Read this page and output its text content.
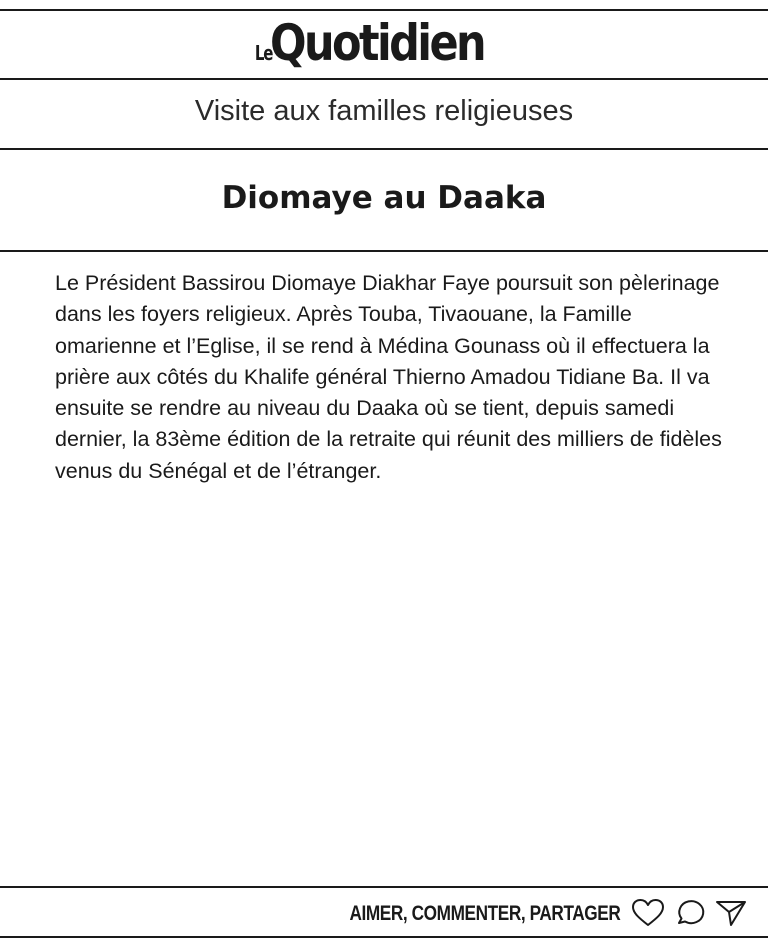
LeQuotidien
Visite aux familles religieuses
Diomaye au Daaka
Le Président Bassirou Diomaye Diakhar Faye poursuit son pèlerinage dans les foyers religieux. Après Touba, Tivaouane, la Famille omarienne et l’Eglise, il se rend à Médina Gounass où il effectuera la prière aux côtés du Khalife général Thierno Amadou Tidiane Ba. Il va ensuite se rendre au niveau du Daaka où se tient, depuis samedi dernier, la 83ème édition de la retraite qui réunit des milliers de fidèles venus du Sénégal et de l’étranger.
AIMER, COMMENTER, PARTAGER
